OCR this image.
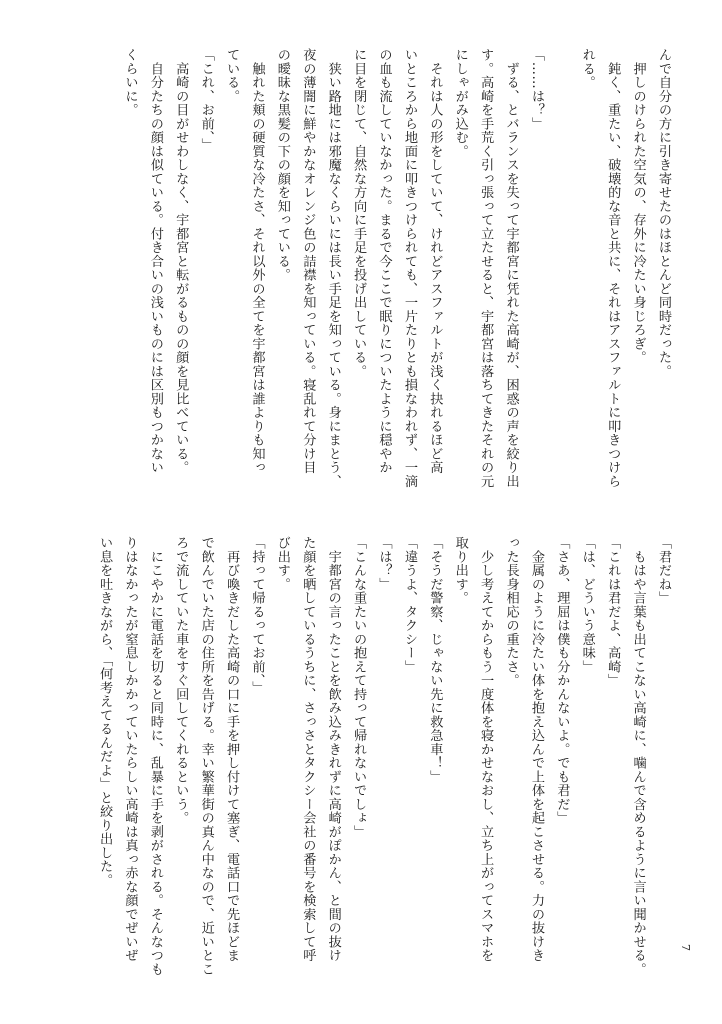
んで自分の方に引き寄せたのはほとんど同時だった。
　押しのけられた空気の、存外に冷たい身じろぎ。
　鈍く、重たい、破壊的な音と共に、それはアスファルトに叩きつけら
れる。

「……は？」
　ずる、とバランスを失って宇都宮に凭れた高崎が、困惑の声を絞り出
す。高崎を手荒く引っ張って立たせると、宇都宮は落ちてきたそれの元
にしゃがみ込む。
　それは人の形をしていて、けれどアスファルトが浅く抉れるほど高
いところから地面に叩きつけられても、一片たりとも損なわれず、一滴
の血も流していなかった。まるで今ここで眠りについたように穏やか
に目を閉じて、自然な方向に手足を投げ出している。
　狭い路地には邪魔なくらいには長い手足を知っている。身にまとう、
夜の薄闇に鮮やかなオレンジ色の詰襟を知っている。寝乱れて分け目
の曖昧な黒髪の下の顔を知っている。
　触れた頬の硬質な冷たさ、それ以外の全てを宇都宮は誰よりも知っ
ている。
「これ、お前、」
　高崎の目がせわしなく、宇都宮と転がるものの顔を見比べている。
　自分たちの顔は似ている。付き合いの浅いものには区別もつかない
くらいに。
「君だね」
　もはや言葉も出てこない高崎に、噛んで含めるように言い聞かせる。
「これは君だよ、高崎」
「は、どういう意味」
「さあ、理屈は僕も分かんないよ。でも君だ」
　金属のように冷たい体を抱え込んで上体を起こさせる。力の抜けき
った長身相応の重たさ。
　少し考えてからもう一度体を寝かせなおし、立ち上がってスマホを
取り出す。
「そうだ警察、じゃない先に救急車！」
「違うよ、タクシー」
「は？」
「こんな重たいの抱えて持って帰れないでしょ」
　宇都宮の言ったことを飲み込みきれずに高崎がぽかん、と間の抜け
た顔を晒しているうちに、さっさとタクシー会社の番号を検索して呼
び出す。
「持って帰るってお前、」
　再び喚きだした高崎の口に手を押し付けて塞ぎ、電話口で先ほどま
で飲んでいた店の住所を告げる。幸い繁華街の真ん中なので、近いとこ
ろで流していた車をすぐ回してくれるという。
　にこやかに電話を切ると同時に、乱暴に手を剥がされる。そんなつも
りはなかったが窒息しかかっていたらしい高崎は真っ赤な顔でぜいぜ
い息を吐きながら、「何考えてるんだよ」と絞り出した。
7
